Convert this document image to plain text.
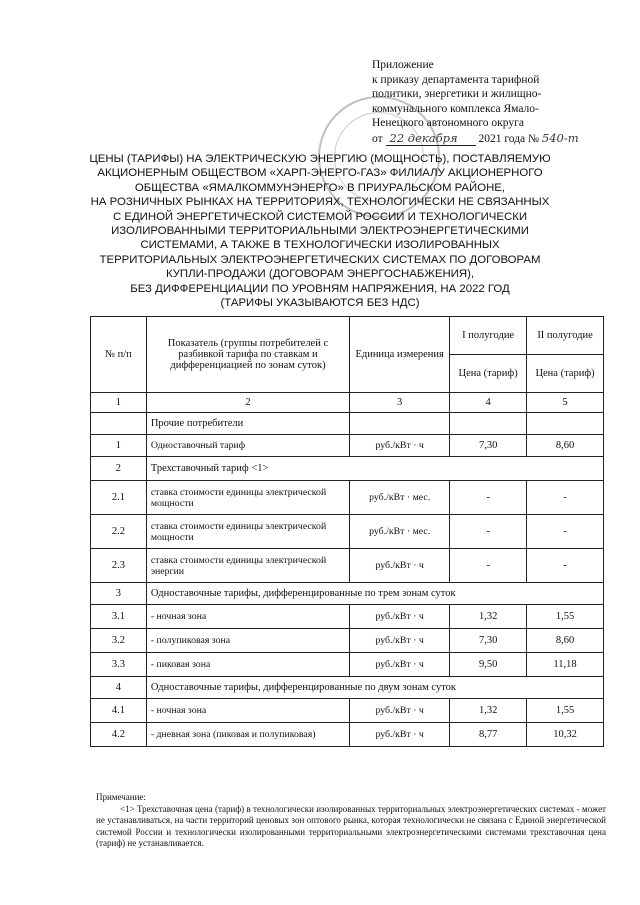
Приложение
к приказу департамента тарифной
политики, энергетики и жилищно-
коммунального комплекса Ямало-
Ненецкого автономного округа
от 22 декабря 2021 года № 540-т
ЦЕНЫ (ТАРИФЫ) НА ЭЛЕКТРИЧЕСКУЮ ЭНЕРГИЮ (МОЩНОСТЬ), ПОСТАВЛЯЕМУЮ
АКЦИОНЕРНЫМ ОБЩЕСТВОМ «ХАРП-ЭНЕРГО-ГАЗ» ФИЛИАЛУ АКЦИОНЕРНОГО
ОБЩЕСТВА «ЯМАЛКОММУНЭНЕРГО» В ПРИУРАЛЬСКОМ РАЙОНЕ,
НА РОЗНИЧНЫХ РЫНКАХ НА ТЕРРИТОРИЯХ, ТЕХНОЛОГИЧЕСКИ НЕ СВЯЗАННЫХ
С ЕДИНОЙ ЭНЕРГЕТИЧЕСКОЙ СИСТЕМОЙ РОССИИ И ТЕХНОЛОГИЧЕСКИ
ИЗОЛИРОВАННЫМИ ТЕРРИТОРИАЛЬНЫМИ ЭЛЕКТРОЭНЕРГЕТИЧЕСКИМИ
СИСТЕМАМИ, А ТАКЖЕ В ТЕХНОЛОГИЧЕСКИ ИЗОЛИРОВАННЫХ
ТЕРРИТОРИАЛЬНЫХ ЭЛЕКТРОЭНЕРГЕТИЧЕСКИХ СИСТЕМАХ ПО ДОГОВОРАМ
КУПЛИ-ПРОДАЖИ (ДОГОВОРАМ ЭНЕРГОСНАБЖЕНИЯ),
БЕЗ ДИФФЕРЕНЦИАЦИИ ПО УРОВНЯМ НАПРЯЖЕНИЯ, НА 2022 ГОД
(ТАРИФЫ УКАЗЫВАЮТСЯ БЕЗ НДС)
№ п/п	Показатель (группы потребителей с разбивкой тарифа по ставкам и дифференциацией по зонам суток)	Единица измерения	I полугодие	II полугодие
			Цена (тариф)	Цена (тариф)
1	2	3	4	5
	Прочие потребители			
1	Одноставочный тариф	руб./кВт · ч	7,30	8,60
2	Трехставочный тариф <1>			
2.1	ставка стоимости единицы электрической мощности	руб./кВт · мес.	-	-
2.2	ставка стоимости единицы электрической мощности	руб./кВт · мес.	-	-
2.3	ставка стоимости единицы электрической энергии	руб./кВт · ч	-	-
3	Одноставочные тарифы, дифференцированные по трем зонам суток			
3.1	- ночная зона	руб./кВт · ч	1,32	1,55
3.2	- полупиковая зона	руб./кВт · ч	7,30	8,60
3.3	- пиковая зона	руб./кВт · ч	9,50	11,18
4	Одноставочные тарифы, дифференцированные по двум зонам суток			
4.1	- ночная зона	руб./кВт · ч	1,32	1,55
4.2	- дневная зона (пиковая и полупиковая)	руб./кВт · ч	8,77	10,32
Примечание:
<1> Трехставочная цена (тариф) в технологически изолированных территориальных электроэнергетических системах - может не устанавливаться, на части территорий ценовых зон оптового рынка, которая технологически не связана с Единой энергетической системой России и технологически изолированными территориальными электроэнергетическими системами трехставочная цена (тариф) не устанавливается.
